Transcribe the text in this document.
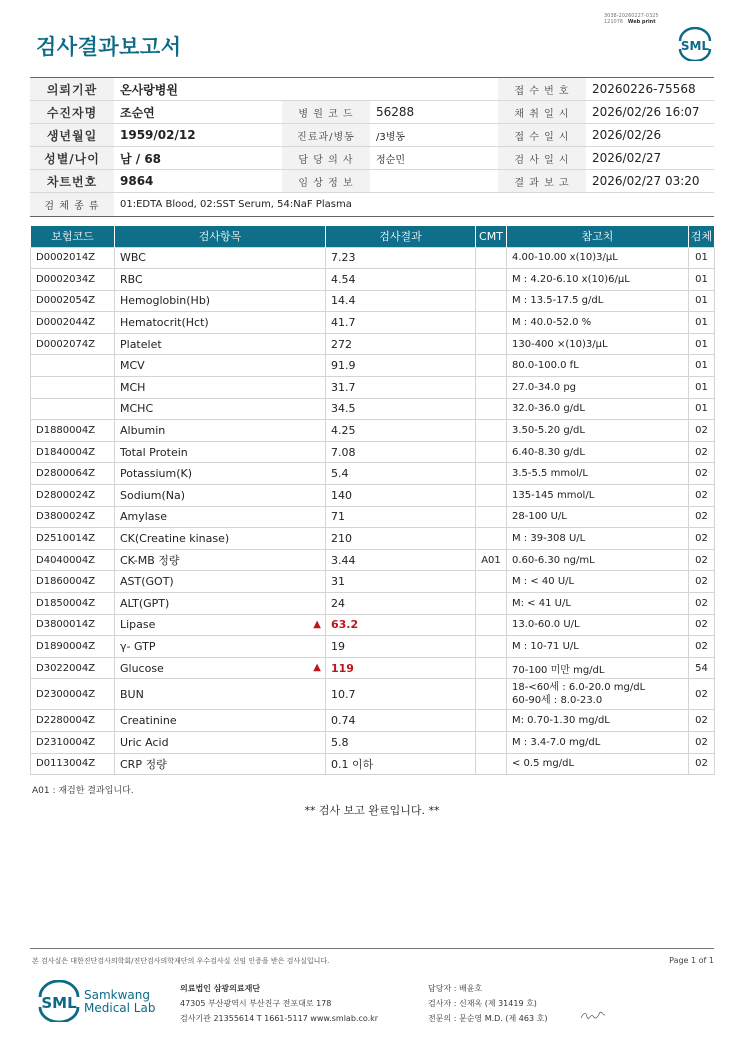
검사결과보고서
3038-20260227-0325
121076 Web print
SML
의뢰기관	온사랑병원			접 수 번 호	20260226-75568
수진자명	조순연	병 원 코 드	56288	채 취 일 시	2026/02/26 16:07
생년월일	1959/02/12	진료과/병동	/3병동	접 수 일 시	2026/02/26
성별/나이	남 / 68	담 당 의 사	정순민	검 사 일 시	2026/02/27
차트번호	9864	임 상 정 보		결 과 보 고	2026/02/27 03:20
검 체 종 류	01:EDTA Blood, 02:SST Serum, 54:NaF Plasma				
보험코드	검사항목	검사결과	CMT	참고치	검체
D0002014Z	WBC	7.23		4.00-10.00 x(10)3/μL	01
D0002034Z	RBC	4.54		M : 4.20-6.10 x(10)6/μL	01
D0002054Z	Hemoglobin(Hb)	14.4		M : 13.5-17.5 g/dL	01
D0002044Z	Hematocrit(Hct)	41.7		M : 40.0-52.0 %	01
D0002074Z	Platelet	272		130-400 ×(10)3/μL	01
	MCV	91.9		80.0-100.0 fL	01
	MCH	31.7		27.0-34.0 pg	01
	MCHC	34.5		32.0-36.0 g/dL	01
D1880004Z	Albumin	4.25		3.50-5.20 g/dL	02
D1840004Z	Total Protein	7.08		6.40-8.30 g/dL	02
D2800064Z	Potassium(K)	5.4		3.5-5.5 mmol/L	02
D2800024Z	Sodium(Na)	140		135-145 mmol/L	02
D3800024Z	Amylase	71		28-100 U/L	02
D2510014Z	CK(Creatine kinase)	210		M : 39-308 U/L	02
D4040004Z	CK-MB 정량	3.44	A01	0.60-6.30 ng/mL	02
D1860004Z	AST(GOT)	31		M : < 40 U/L	02
D1850004Z	ALT(GPT)	24		M: < 41 U/L	02
D3800014Z	Lipase ▲	63.2		13.0-60.0 U/L	02
D1890004Z	γ- GTP	19		M : 10-71 U/L	02
D3022004Z	Glucose ▲	119		70-100 미만 mg/dL	54
D2300004Z	BUN	10.7		18-<60세 : 6.0-20.0 mg/dL
60-90세 : 8.0-23.0	02
D2280004Z	Creatinine	0.74		M: 0.70-1.30 mg/dL	02
D2310004Z	Uric Acid	5.8		M : 3.4-7.0 mg/dL	02
D0113004Z	CRP 정량	0.1 이하		< 0.5 mg/dL	02
A01 : 재검한 결과입니다.
** 검사 보고 완료입니다. **
본 검사실은 대한진단검사의학회/진단검사의학재단의 우수검사실 신임 인증을 받은 검사실입니다.	Page 1 of 1
SML Samkwang
Medical Lab
의료법인 삼광의료재단
47305 부산광역시 부산진구 전포대로 178
검사기관 21355614 T 1661-5117 www.smlab.co.kr
담당자 : 배윤호
검사자 : 신재옥 (제 31419 호)
전문의 : 문순영 M.D. (제 463 호)
